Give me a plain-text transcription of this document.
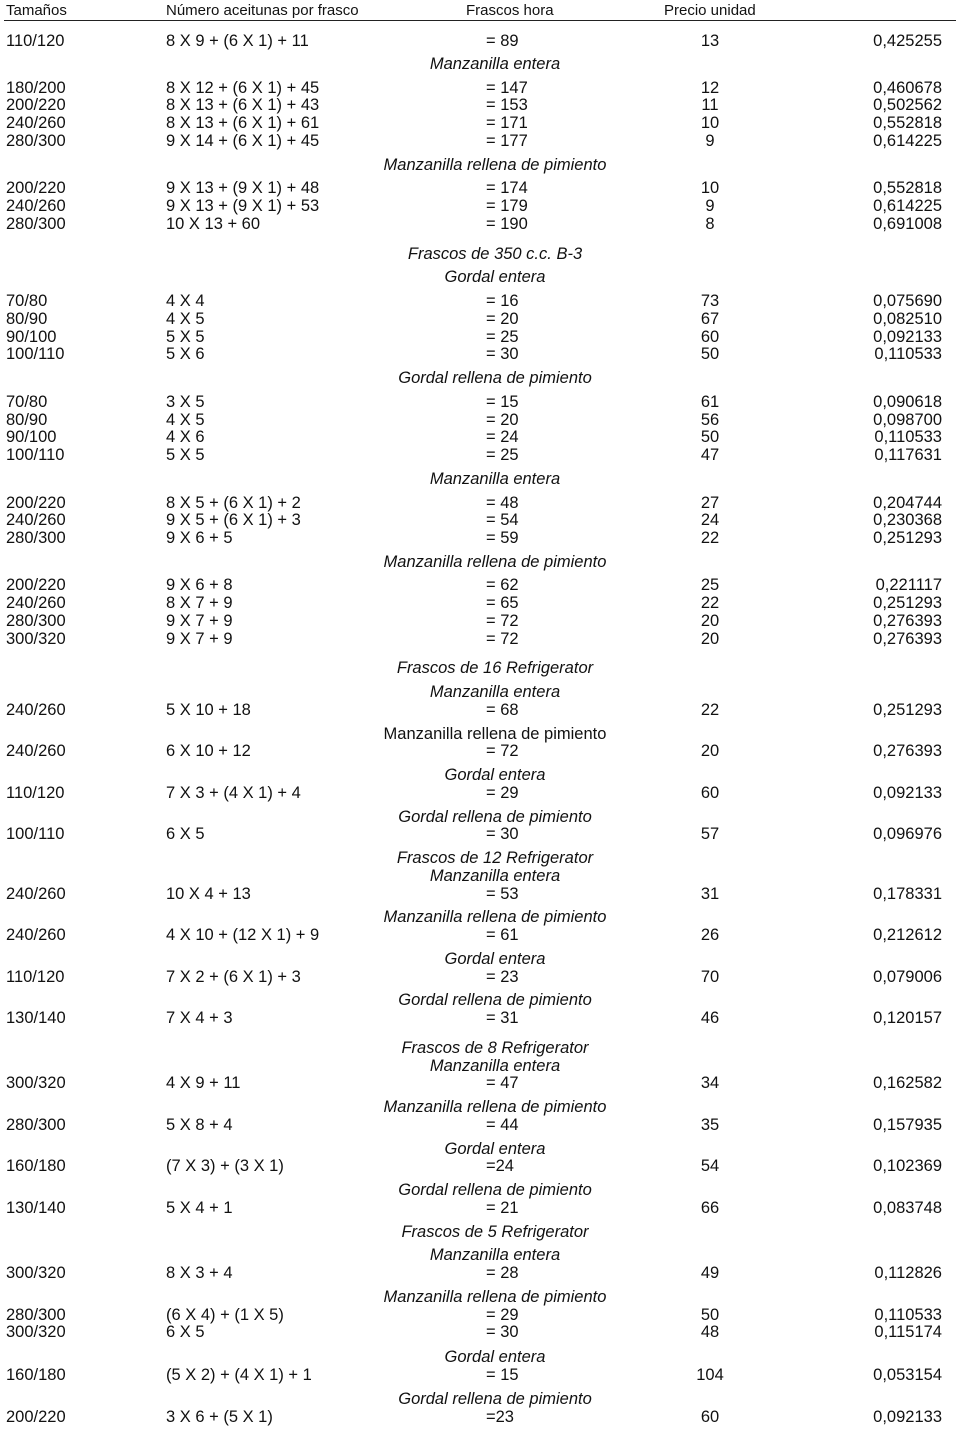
Tamaños	Número aceitunas por frasco	Frascos hora	Precio unidad
110/120	8 X 9 + (6 X 1) + 11	= 89	13	0,425255
Manzanilla entera
180/200	8 X 12 + (6 X 1) + 45	= 147	12	0,460678
200/220	8 X 13 + (6 X 1) + 43	= 153	11	0,502562
240/260	8 X 13 + (6 X 1) + 61	= 171	10	0,552818
280/300	9 X 14 + (6 X 1) + 45	= 177	9	0,614225
Manzanilla rellena de pimiento
200/220	9 X 13 + (9 X 1) + 48	= 174	10	0,552818
240/260	9 X 13 + (9 X 1) + 53	= 179	9	0,614225
280/300	10 X 13 + 60	= 190	8	0,691008
Frascos de 350 c.c. B-3
Gordal entera
70/80	4 X 4	= 16	73	0,075690
80/90	4 X 5	= 20	67	0,082510
90/100	5 X 5	= 25	60	0,092133
100/110	5 X 6	= 30	50	0,110533
Gordal rellena de pimiento
70/80	3 X 5	= 15	61	0,090618
80/90	4 X 5	= 20	56	0,098700
90/100	4 X 6	= 24	50	0,110533
100/110	5 X 5	= 25	47	0,117631
Manzanilla entera
200/220	8 X 5 + (6 X 1) + 2	= 48	27	0,204744
240/260	9 X 5 + (6 X 1) + 3	= 54	24	0,230368
280/300	9 X 6 + 5	= 59	22	0,251293
Manzanilla rellena de pimiento
200/220	9 X 6 + 8	= 62	25	0,221117
240/260	8 X 7 + 9	= 65	22	0,251293
280/300	9 X 7 + 9	= 72	20	0,276393
300/320	9 X 7 + 9	= 72	20	0,276393
Frascos de 16 Refrigerator
Manzanilla entera
240/260	5 X 10 + 18	= 68	22	0,251293
Manzanilla rellena de pimiento
240/260	6 X 10 + 12	= 72	20	0,276393
Gordal entera
110/120	7 X 3 + (4 X 1) + 4	= 29	60	0,092133
Gordal rellena de pimiento
100/110	6 X 5	= 30	57	0,096976
Frascos de 12 Refrigerator
Manzanilla entera
240/260	10 X 4 + 13	= 53	31	0,178331
Manzanilla rellena de pimiento
240/260	4 X 10 + (12 X 1) + 9	= 61	26	0,212612
Gordal entera
110/120	7 X 2 + (6 X 1) + 3	= 23	70	0,079006
Gordal rellena de pimiento
130/140	7 X 4 + 3	= 31	46	0,120157
Frascos de 8 Refrigerator
Manzanilla entera
300/320	4 X 9 + 11	= 47	34	0,162582
Manzanilla rellena de pimiento
280/300	5 X 8 + 4	= 44	35	0,157935
Gordal entera
160/180	(7 X 3) + (3 X 1)	=24	54	0,102369
Gordal rellena de pimiento
130/140	5 X 4 + 1	= 21	66	0,083748
Frascos de 5 Refrigerator
Manzanilla entera
300/320	8 X 3 + 4	= 28	49	0,112826
Manzanilla rellena de pimiento
280/300	(6 X 4) + (1 X 5)	= 29	50	0,110533
300/320	6 X 5	= 30	48	0,115174
Gordal entera
160/180	(5 X 2) + (4 X 1) + 1	= 15	104	0,053154
Gordal rellena de pimiento
200/220	3 X 6 + (5 X 1)	=23	60	0,092133
